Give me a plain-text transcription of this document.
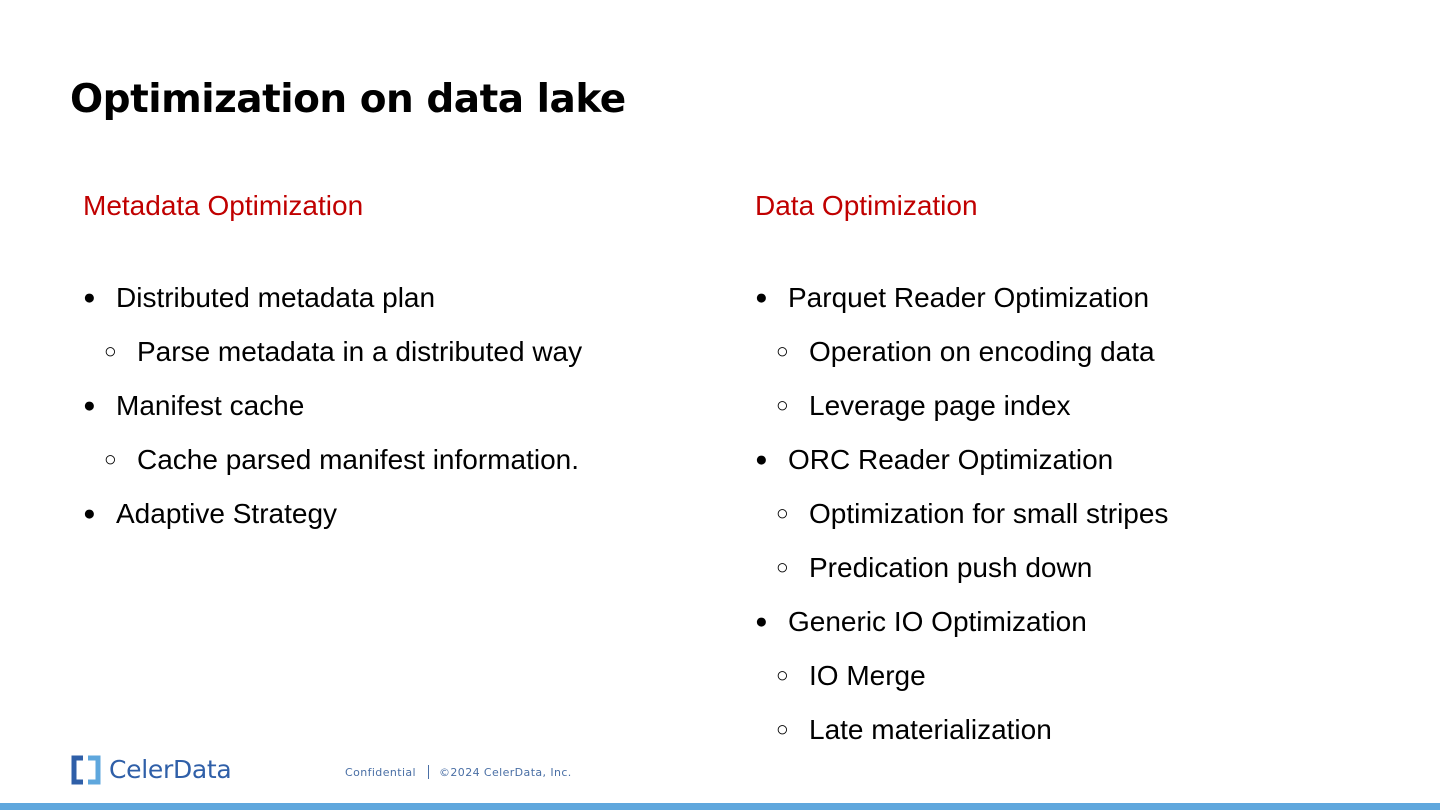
Optimization on data lake
Metadata Optimization
● Distributed metadata plan
○ Parse metadata in a distributed way
● Manifest cache
○ Cache parsed manifest information.
● Adaptive Strategy
Data Optimization
● Parquet Reader Optimization
○ Operation on encoding data
○ Leverage page index
● ORC Reader Optimization
○ Optimization for small stripes
○ Predication push down
● Generic IO Optimization
○ IO Merge
○ Late materialization
CelerData	Confidential ©2024 CelerData, Inc.
